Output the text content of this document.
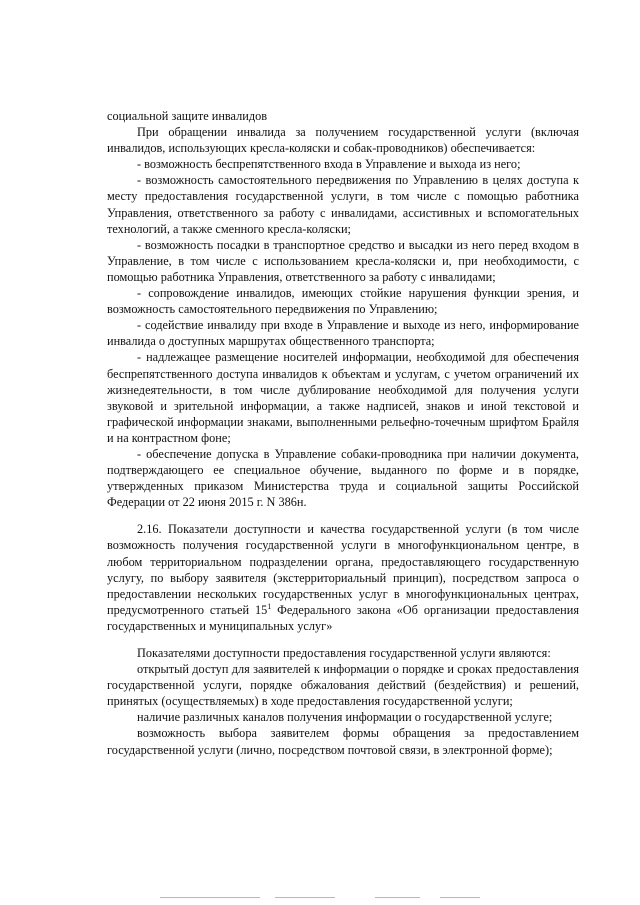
социальной защите инвалидов

При обращении инвалида за получением государственной услуги (включая инвалидов, использующих кресла-коляски и собак-проводников) обеспечивается:

- возможность беспрепятственного входа в Управление и выхода из него;

- возможность самостоятельного передвижения по Управлению в целях доступа к месту предоставления государственной услуги, в том числе с помощью работника Управления, ответственного за работу с инвалидами, ассистивных и вспомогательных технологий, а также сменного кресла-коляски;

- возможность посадки в транспортное средство и высадки из него перед входом в Управление, в том числе с использованием кресла-коляски и, при необходимости, с помощью работника Управления, ответственного за работу с инвалидами;

- сопровождение инвалидов, имеющих стойкие нарушения функции зрения, и возможность самостоятельного передвижения по Управлению;

- содействие инвалиду при входе в Управление и выходе из него, информирование инвалида о доступных маршрутах общественного транспорта;

- надлежащее размещение носителей информации, необходимой для обеспечения беспрепятственного доступа инвалидов к объектам и услугам, с учетом ограничений их жизнедеятельности, в том числе дублирование необходимой для получения услуги звуковой и зрительной информации, а также надписей, знаков и иной текстовой и графической информации знаками, выполненными рельефно-точечным шрифтом Брайля и на контрастном фоне;

- обеспечение допуска в Управление собаки-проводника при наличии документа, подтверждающего ее специальное обучение, выданного по форме и в порядке, утвержденных приказом Министерства труда и социальной защиты Российской Федерации от 22 июня 2015 г. N 386н.

2.16. Показатели доступности и качества государственной услуги (в том числе возможность получения государственной услуги в многофункциональном центре, в любом территориальном подразделении органа, предоставляющего государственную услугу, по выбору заявителя (экстерриториальный принцип), посредством запроса о предоставлении нескольких государственных услуг в многофункциональных центрах, предусмотренного статьей $15^1$ Федерального закона «Об организации предоставления государственных и муниципальных услуг»

Показателями доступности предоставления государственной услуги являются:

открытый доступ для заявителей к информации о порядке и сроках предоставления государственной услуги, порядке обжалования действий (бездействия) и решений, принятых (осуществляемых) в ходе предоставления государственной услуги;

наличие различных каналов получения информации о государственной услуге;

возможность выбора заявителем формы обращения за предоставлением государственной услуги (лично, посредством почтовой связи, в электронной форме);
